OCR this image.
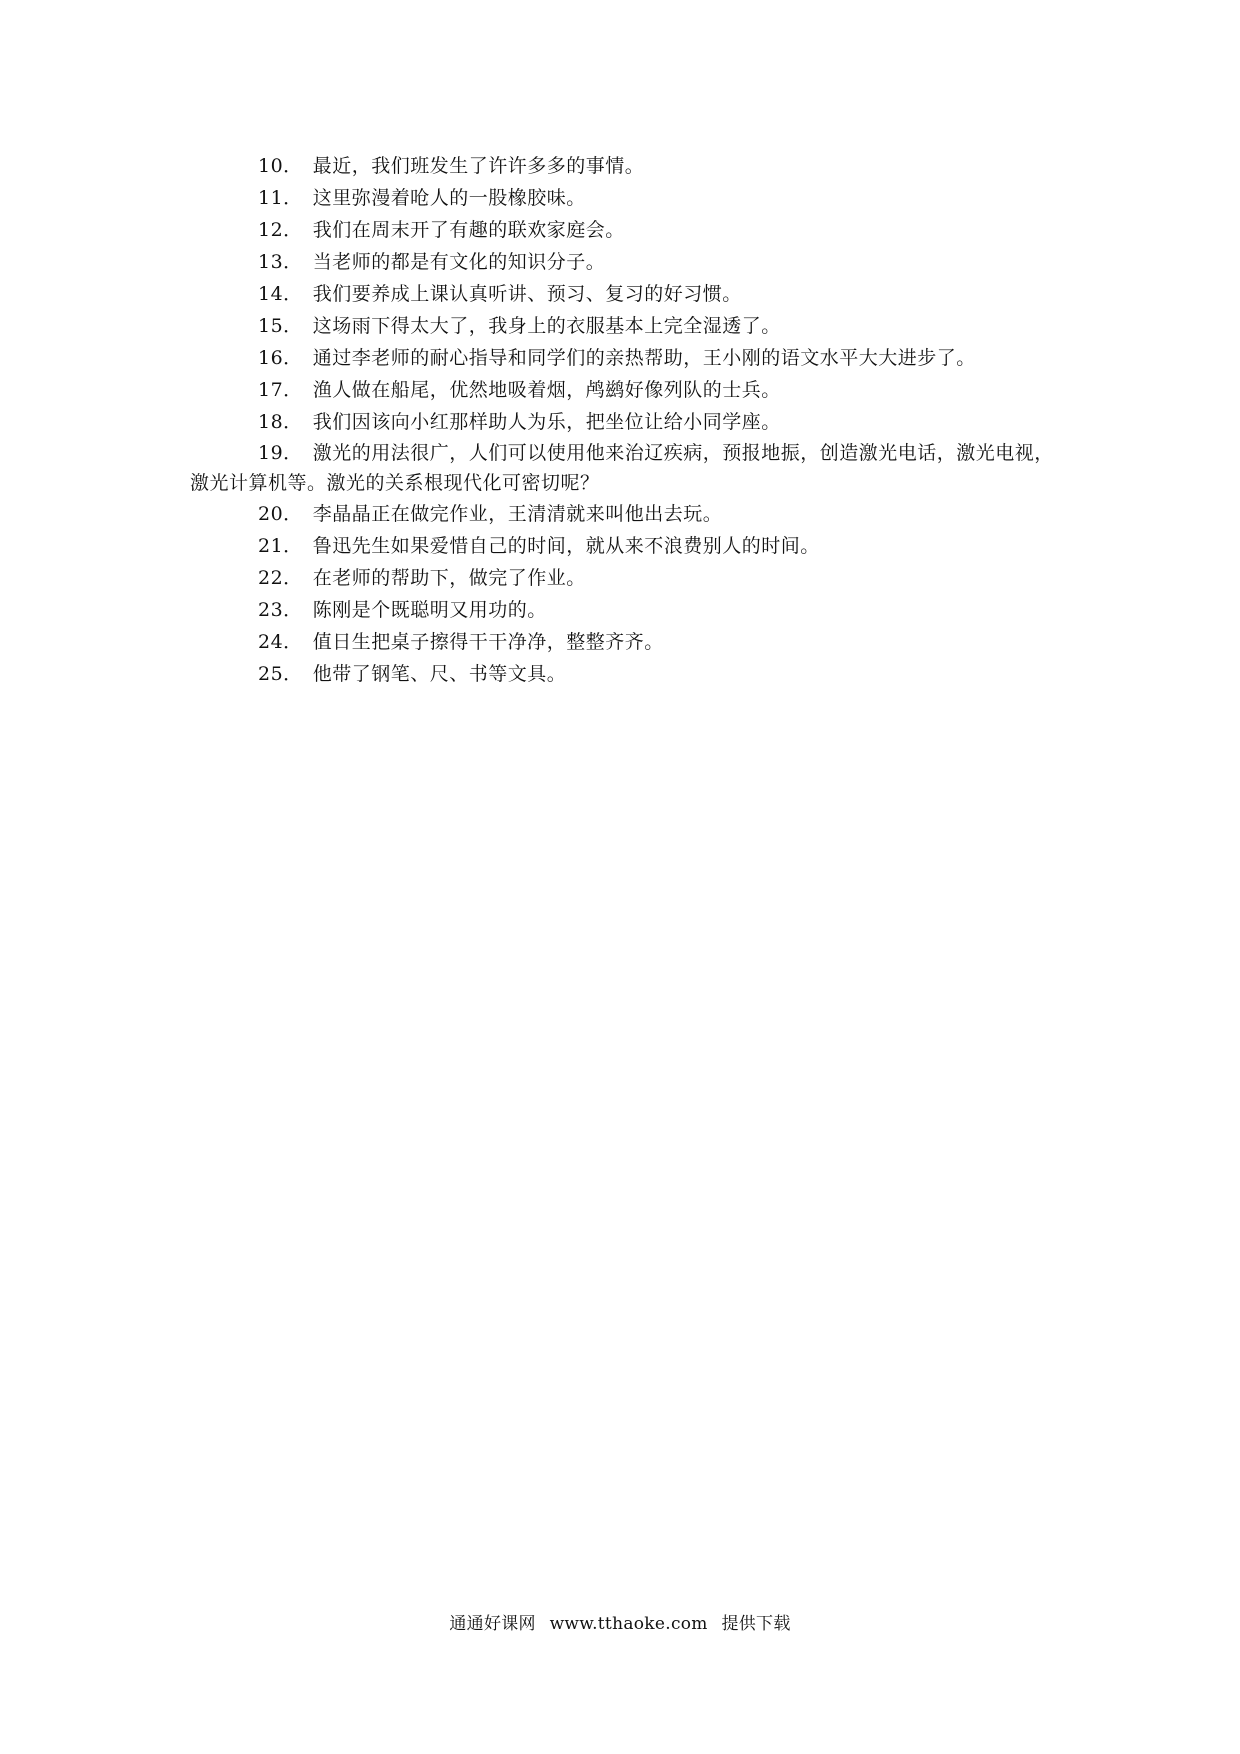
10． 最近，我们班发生了许许多多的事情。
11． 这里弥漫着呛人的一股橡胶味。
12． 我们在周末开了有趣的联欢家庭会。
13． 当老师的都是有文化的知识分子。
14． 我们要养成上课认真听讲、预习、复习的好习惯。
15． 这场雨下得太大了，我身上的衣服基本上完全湿透了。
16． 通过李老师的耐心指导和同学们的亲热帮助，王小刚的语文水平大大进步了。
17． 渔人做在船尾，优然地吸着烟，鸬鹚好像列队的士兵。
18． 我们因该向小红那样助人为乐，把坐位让给小同学座。
19． 激光的用法很广，人们可以使用他来治辽疾病，预报地振，创造激光电话，激光电视，激光计算机等。激光的关系根现代化可密切呢？
20． 李晶晶正在做完作业，王清清就来叫他出去玩。
21． 鲁迅先生如果爱惜自己的时间，就从来不浪费别人的时间。
22． 在老师的帮助下，做完了作业。
23． 陈刚是个既聪明又用功的。
24． 值日生把桌子擦得干干净净，整整齐齐。
25． 他带了钢笔、尺、书等文具。
通通好课网 www.tthaoke.com 提供下载
